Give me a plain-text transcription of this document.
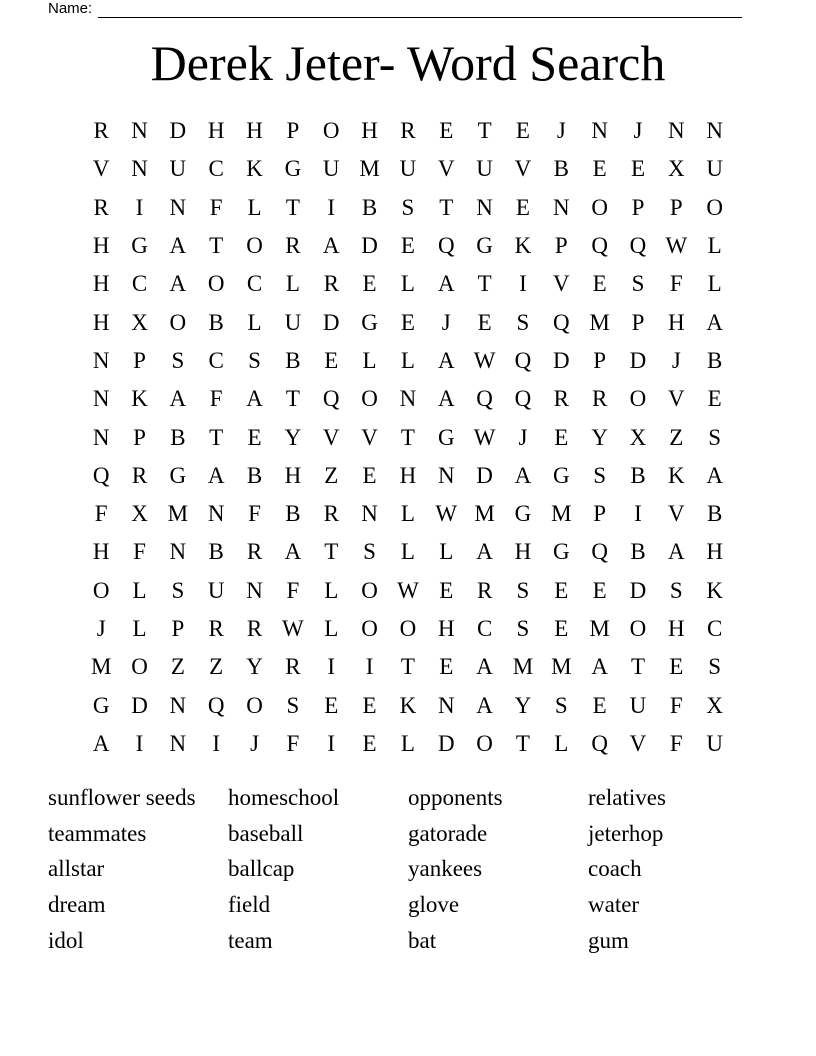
Name:
Derek Jeter- Word Search
R N D H H	P	O H R	E	T	E	J	N	J	N N
V N U C K G U M U V U V B	E	E	X U
R	I	N	F	L	T	I	B	S	T	N	E	N O	P	P	O
H G A	T	O R A D	E	Q G K	P	Q Q W L
H C A O C	L	R	E	L	A	T	I	V	E	S	F	L
H X O B	L	U D G	E	J	E	S	Q M P	H A
N	P	S	C	S	B	E	L	L	A W Q D	P	D	J	B
N K A	F	A	T	Q O N A Q Q R	R O V	E
N	P	B	T	E	Y V V	T	G W	J	E	Y X	Z	S
Q R G A B H	Z	E	H N D A G	S	B K A
F	X M N	F	B	R N	L W M G M P	I	V B
H	F	N B	R A	T	S	L	L	A H G Q B A H
O	L	S	U N	F	L	O W E	R	S	E	E	D	S	K
J	L	P	R	R W L	O O H C	S	E M O H C
M O	Z	Z	Y R	I	I	T	E	A M M A	T	E	S
G D N Q O	S	E	E	K N A Y	S	E	U	F	X
A	I	N	I	J	F	I	E	L	D O	T	L	Q V	F	U
sunflower seeds	homeschool	opponents	relatives
teammates	baseball	gatorade	jeterhop
allstar	ballcap	yankees	coach
dream	field	glove	water
idol	team	bat	gum
